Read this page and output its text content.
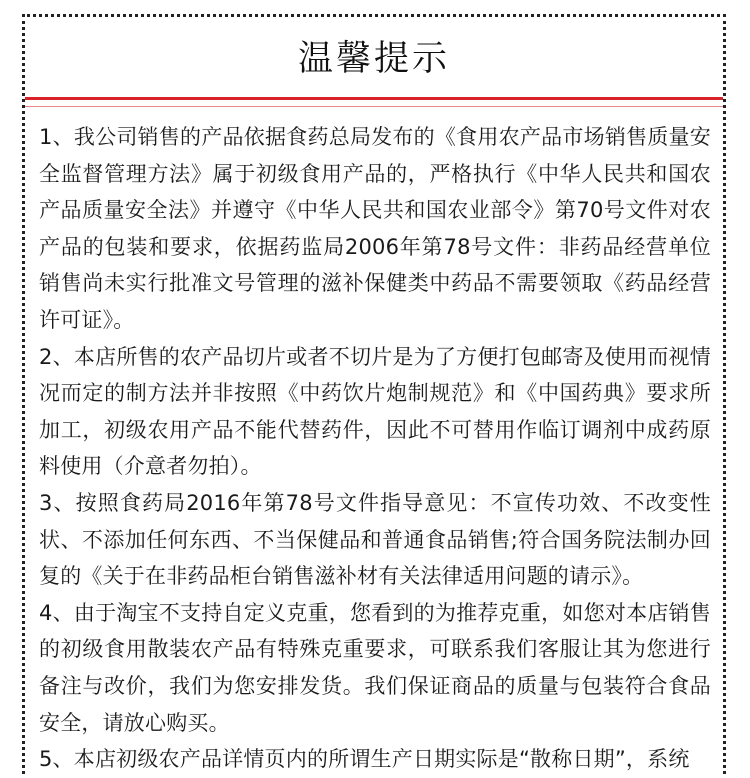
温馨提示

1、我公司销售的产品依据食药总局发布的《食用农产品市场销售质量安全监督管理方法》属于初级食用产品的，严格执行《中华人民共和国农产品质量安全法》并遵守《中华人民共和国农业部令》第70号文件对农产品的包装和要求，依据药监局2006年第78号文件：非药品经营单位销售尚未实行批准文号管理的滋补保健类中药品不需要领取《药品经营许可证》。

2、本店所售的农产品切片或者不切片是为了方便打包邮寄及使用而视情况而定的制方法并非按照《中药饮片炮制规范》和《中国药典》要求所加工，初级农用产品不能代替药件，因此不可替用作临订调剂中成药原料使用（介意者勿拍）。

3、按照食药局2016年第78号文件指导意见：不宣传功效、不改变性状、不添加任何东西、不当保健品和普通食品销售;符合国务院法制办回复的《关于在非药品柜台销售滋补材有关法律适用问题的请示》。

4、由于淘宝不支持自定义克重，您看到的为推荐克重，如您对本店销售的初级食用散装农产品有特殊克重要求，可联系我们客服让其为您进行备注与改价，我们为您安排发货。我们保证商品的质量与包装符合食品安全，请放心购买。

5、本店初级农产品详情页内的所谓生产日期实际是“散称日期”，系统
